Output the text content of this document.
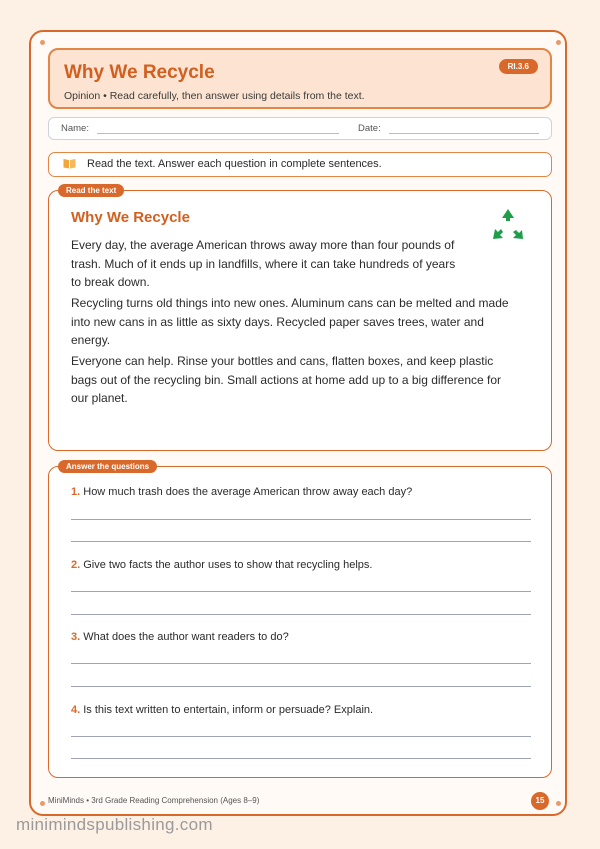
Why We Recycle
Opinion • Read carefully, then answer using details from the text.
RI.3.6
Name:	Date:
Read the text. Answer each question in complete sentences.
Read the text
Why We Recycle
Every day, the average American throws away more than four pounds of
trash. Much of it ends up in landfills, where it can take hundreds of years
to break down.
Recycling turns old things into new ones. Aluminum cans can be melted and made
into new cans in as little as sixty days. Recycled paper saves trees, water and
energy.
Everyone can help. Rinse your bottles and cans, flatten boxes, and keep plastic
bags out of the recycling bin. Small actions at home add up to a big difference for
our planet.
Answer the questions
1. How much trash does the average American throw away each day?
2. Give two facts the author uses to show that recycling helps.
3. What does the author want readers to do?
4. Is this text written to entertain, inform or persuade? Explain.
MiniMinds • 3rd Grade Reading Comprehension (Ages 8–9)	15
minimindspublishing.com
